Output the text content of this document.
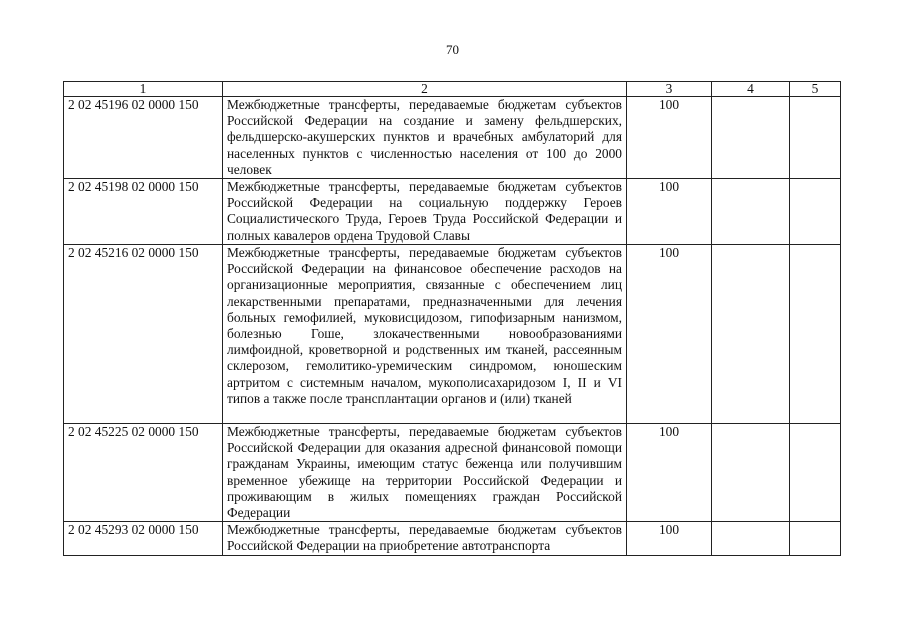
70
1	2	3	4	5
2 02 45196 02 0000 150	Межбюджетные трансферты, передаваемые бюджетам субъектов Российской Федерации на создание и замену фельдшерских, фельдшерско-акушерских пунктов и врачебных амбулаторий для населенных пунктов с численностью населения от 100 до 2000 человек	100		
2 02 45198 02 0000 150	Межбюджетные трансферты, передаваемые бюджетам субъектов Российской Федерации на социальную поддержку Героев Социалистического Труда, Героев Труда Российской Федерации и полных кавалеров ордена Трудовой Славы	100		
2 02 45216 02 0000 150	Межбюджетные трансферты, передаваемые бюджетам субъектов Российской Федерации на финансовое обеспечение расходов на организационные мероприятия, связанные с обеспечением лиц лекарственными препаратами, предназначенными для лечения больных гемофилией, муковисцидозом, гипофизарным нанизмом, болезнью Гоше, злокачественными новообразованиями лимфоидной, кроветворной и родственных им тканей, рассеянным склерозом, гемолитико-уремическим синдромом, юношеским артритом с системным началом, мукополисахаридозом I, II и VI типов а также после трансплантации органов и (или) тканей	100		
2 02 45225 02 0000 150	Межбюджетные трансферты, передаваемые бюджетам субъектов Российской Федерации для оказания адресной финансовой помощи гражданам Украины, имеющим статус беженца или получившим временное убежище на территории Российской Федерации и проживающим в жилых помещениях граждан Российской Федерации	100		
2 02 45293 02 0000 150	Межбюджетные трансферты, передаваемые бюджетам субъектов Российской Федерации на приобретение автотранспорта	100		
